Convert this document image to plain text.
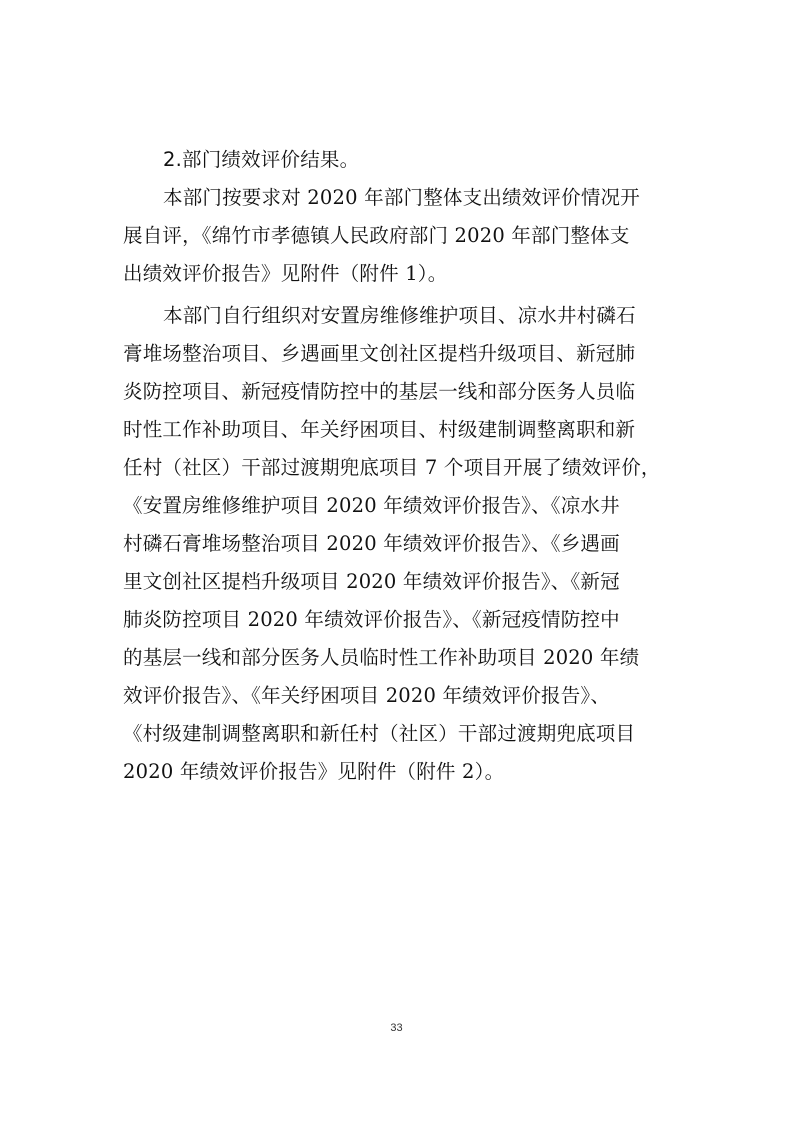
2.部门绩效评价结果。
本部门按要求对 2020 年部门整体支出绩效评价情况开
展自评，《绵竹市孝德镇人民政府部门 2020 年部门整体支
出绩效评价报告》见附件（附件 1）。
本部门自行组织对安置房维修维护项目、凉水井村磷石
膏堆场整治项目、乡遇画里文创社区提档升级项目、新冠肺
炎防控项目、新冠疫情防控中的基层一线和部分医务人员临
时性工作补助项目、年关纾困项目、村级建制调整离职和新
任村（社区）干部过渡期兜底项目 7 个项目开展了绩效评价，
《安置房维修维护项目 2020 年绩效评价报告》、《凉水井
村磷石膏堆场整治项目 2020 年绩效评价报告》、《乡遇画
里文创社区提档升级项目 2020 年绩效评价报告》、《新冠
肺炎防控项目 2020 年绩效评价报告》、《新冠疫情防控中
的基层一线和部分医务人员临时性工作补助项目 2020 年绩
效评价报告》、《年关纾困项目 2020 年绩效评价报告》、
《村级建制调整离职和新任村（社区）干部过渡期兜底项目
2020 年绩效评价报告》见附件（附件 2）。
33
